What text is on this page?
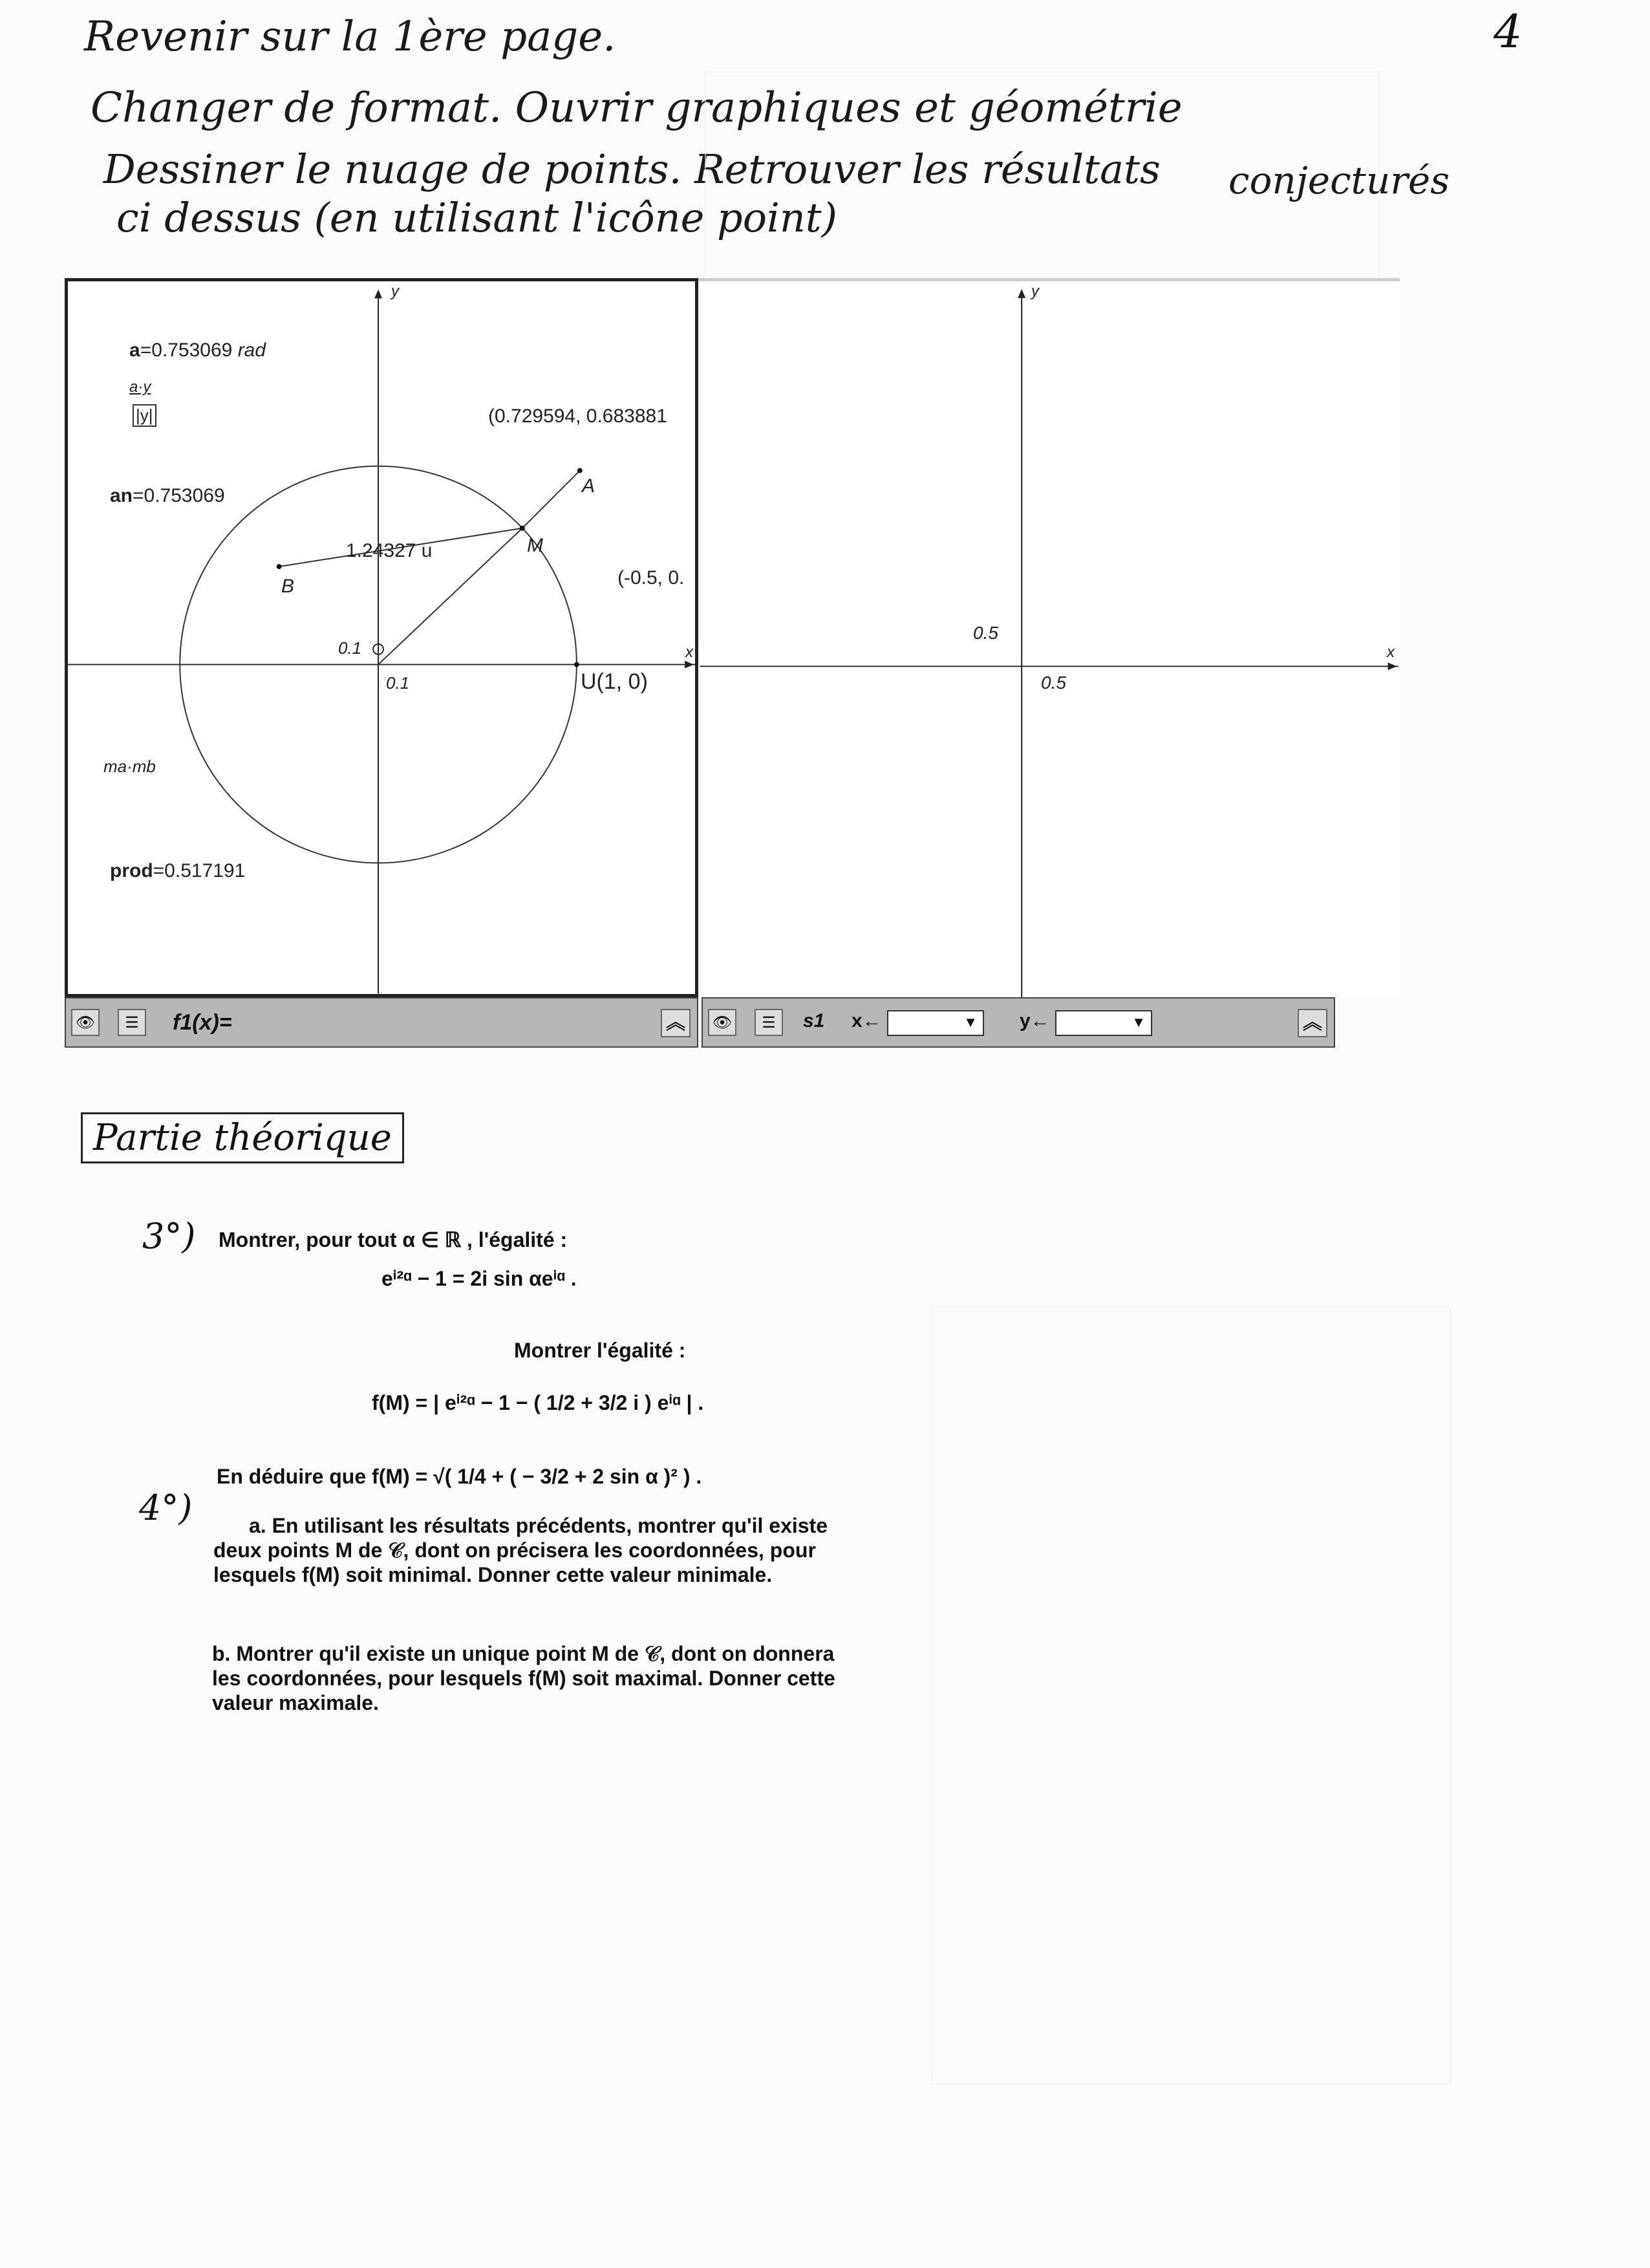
Revenir sur la 1ère page.
Changer de format. Ouvrir graphiques et géométrie
Dessiner le nuage de points. Retrouver les résultats conjecturés
ci dessus (en utilisant l'icône point)
4
a=0.753069 rad
a·y
|y|
an=0.753069
(0.729594, 0.683881
(-0.5, 0.
A
M
B
U(1, 0)
1.24327 u
0.1
0.1
x
y
ma·mb
prod=0.517191
x
y
0.5
0.5
👁	☰	f1(x)=	︽	👁	☰	s1 x← ▼	y← ▼	︽
Partie théorique
3°) Montrer, pour tout α ∈ ℝ , l'égalité :
eⁱ²ᵅ − 1 = 2i sin αeⁱᵅ .
Montrer l'égalité :
f(M) = | eⁱ²ᵅ − 1 − ( 1/2 + 3/2 i ) eⁱᵅ | .
En déduire que f(M) = √( 1/4 + ( − 3/2 + 2 sin α )² ) .
4°)	a. En utilisant les résultats précédents, montrer qu'il existe deux points M de 𝒞, dont on précisera les coordonnées, pour lesquels f(M) soit minimal. Donner cette valeur minimale.
b. Montrer qu'il existe un unique point M de 𝒞, dont on donnera les coordonnées, pour lesquels f(M) soit maximal. Donner cette valeur maximale.
